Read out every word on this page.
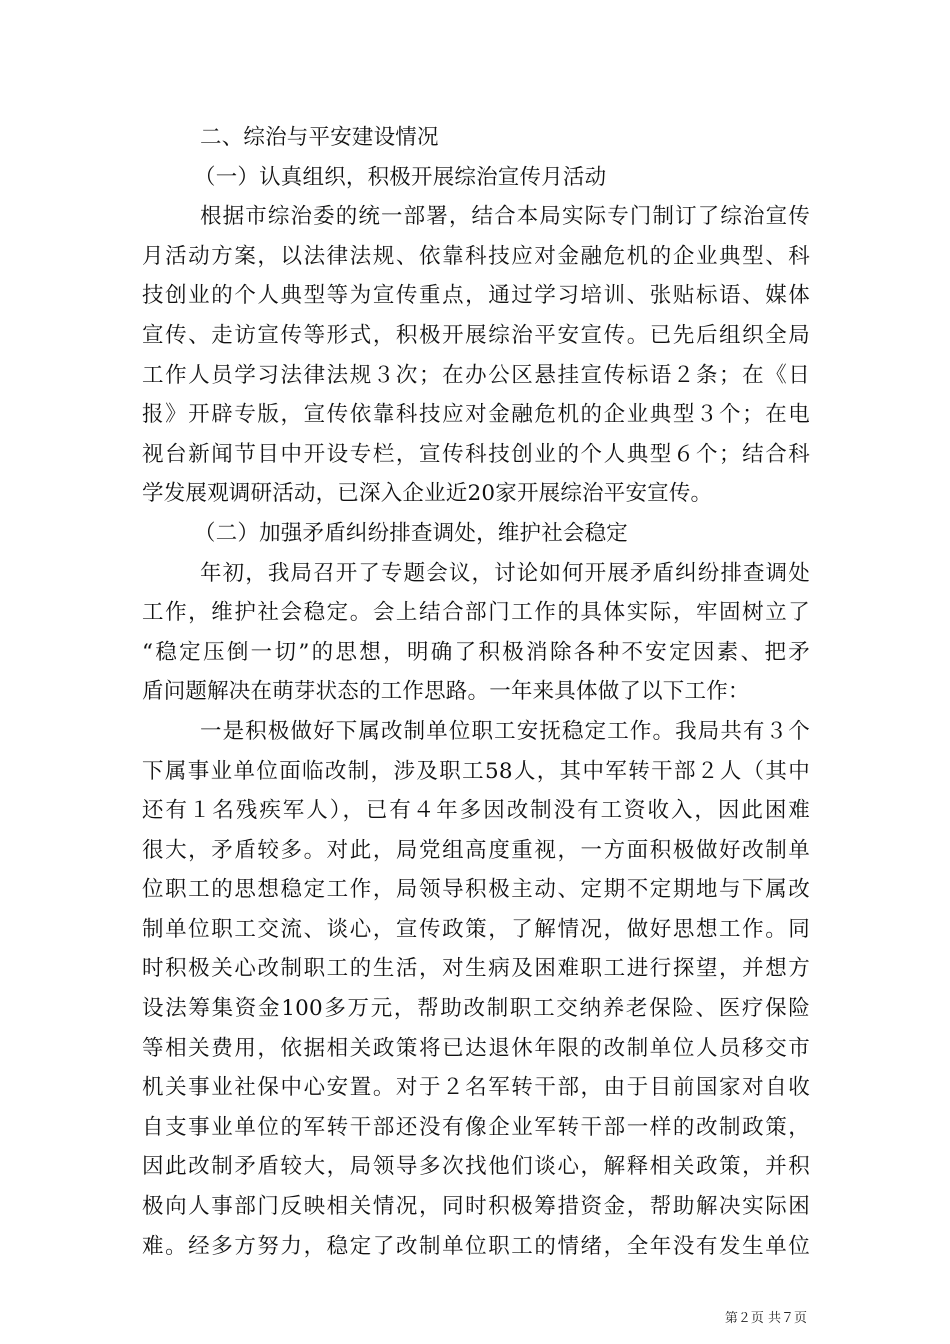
二、综治与平安建设情况
（一）认真组织，积极开展综治宣传月活动
根据市综治委的统一部署，结合本局实际专门制订了综治宣传
月活动方案，以法律法规、依靠科技应对金融危机的企业典型、科
技创业的个人典型等为宣传重点，通过学习培训、张贴标语、媒体
宣传、走访宣传等形式，积极开展综治平安宣传。已先后组织全局
工作人员学习法律法规３次；在办公区悬挂宣传标语２条；在《日
报》开辟专版，宣传依靠科技应对金融危机的企业典型３个；在电
视台新闻节目中开设专栏，宣传科技创业的个人典型６个；结合科
学发展观调研活动，已深入企业近20家开展综治平安宣传。
（二）加强矛盾纠纷排查调处，维护社会稳定
年初，我局召开了专题会议，讨论如何开展矛盾纠纷排查调处
工作，维护社会稳定。会上结合部门工作的具体实际，牢固树立了
“稳定压倒一切”的思想，明确了积极消除各种不安定因素、把矛
盾问题解决在萌芽状态的工作思路。一年来具体做了以下工作：
一是积极做好下属改制单位职工安抚稳定工作。我局共有３个
下属事业单位面临改制，涉及职工58人，其中军转干部２人（其中
还有１名残疾军人），已有４年多因改制没有工资收入，因此困难
很大，矛盾较多。对此，局党组高度重视，一方面积极做好改制单
位职工的思想稳定工作，局领导积极主动、定期不定期地与下属改
制单位职工交流、谈心，宣传政策，了解情况，做好思想工作。同
时积极关心改制职工的生活，对生病及困难职工进行探望，并想方
设法筹集资金100多万元，帮助改制职工交纳养老保险、医疗保险
等相关费用，依据相关政策将已达退休年限的改制单位人员移交市
机关事业社保中心安置。对于２名军转干部，由于目前国家对自收
自支事业单位的军转干部还没有像企业军转干部一样的改制政策，
因此改制矛盾较大，局领导多次找他们谈心，解释相关政策，并积
极向人事部门反映相关情况，同时积极筹措资金，帮助解决实际困
难。经多方努力，稳定了改制单位职工的情绪，全年没有发生单位
第２页 共７页
